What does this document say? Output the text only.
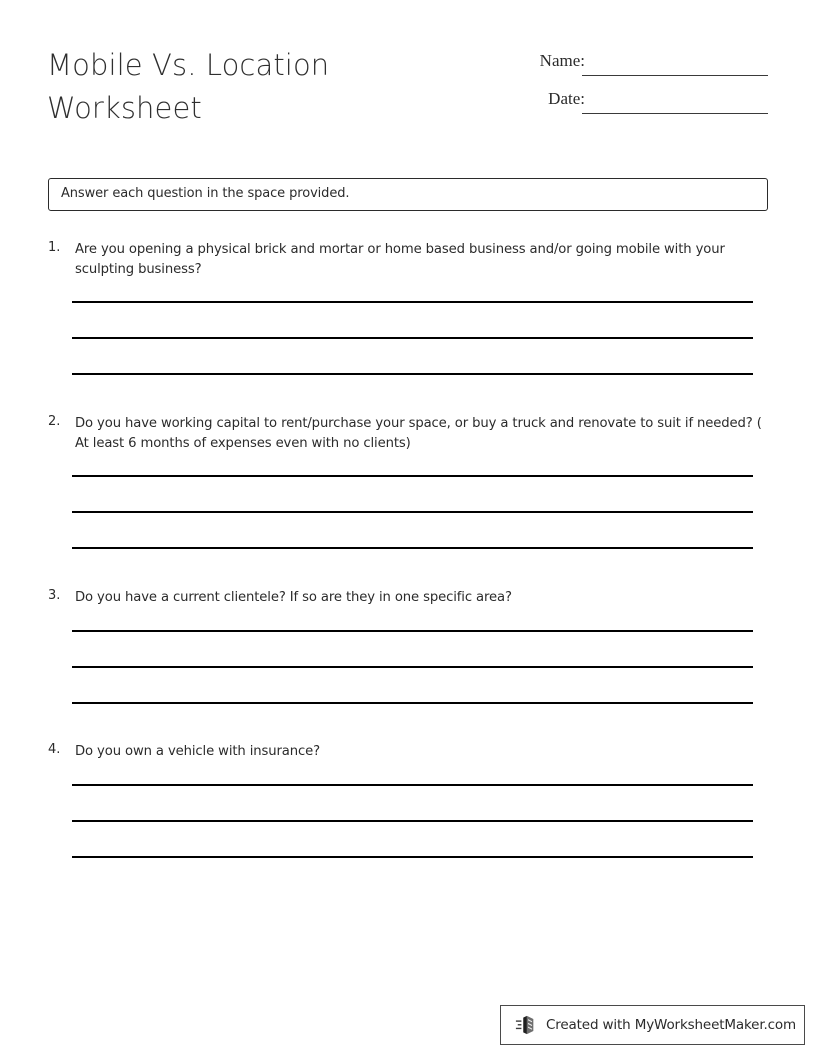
Mobile Vs. Location Worksheet
Name:
Date:
Answer each question in the space provided.
1.	Are you opening a physical brick and mortar or home based business and/or going mobile with your sculpting business?
2.	Do you have working capital to rent/purchase your space, or buy a truck and renovate to suit if needed? ( At least 6 months of expenses even with no clients)
3.	Do you have a current clientele? If so are they in one specific area?
4.	Do you own a vehicle with insurance?
Created with MyWorksheetMaker.com
